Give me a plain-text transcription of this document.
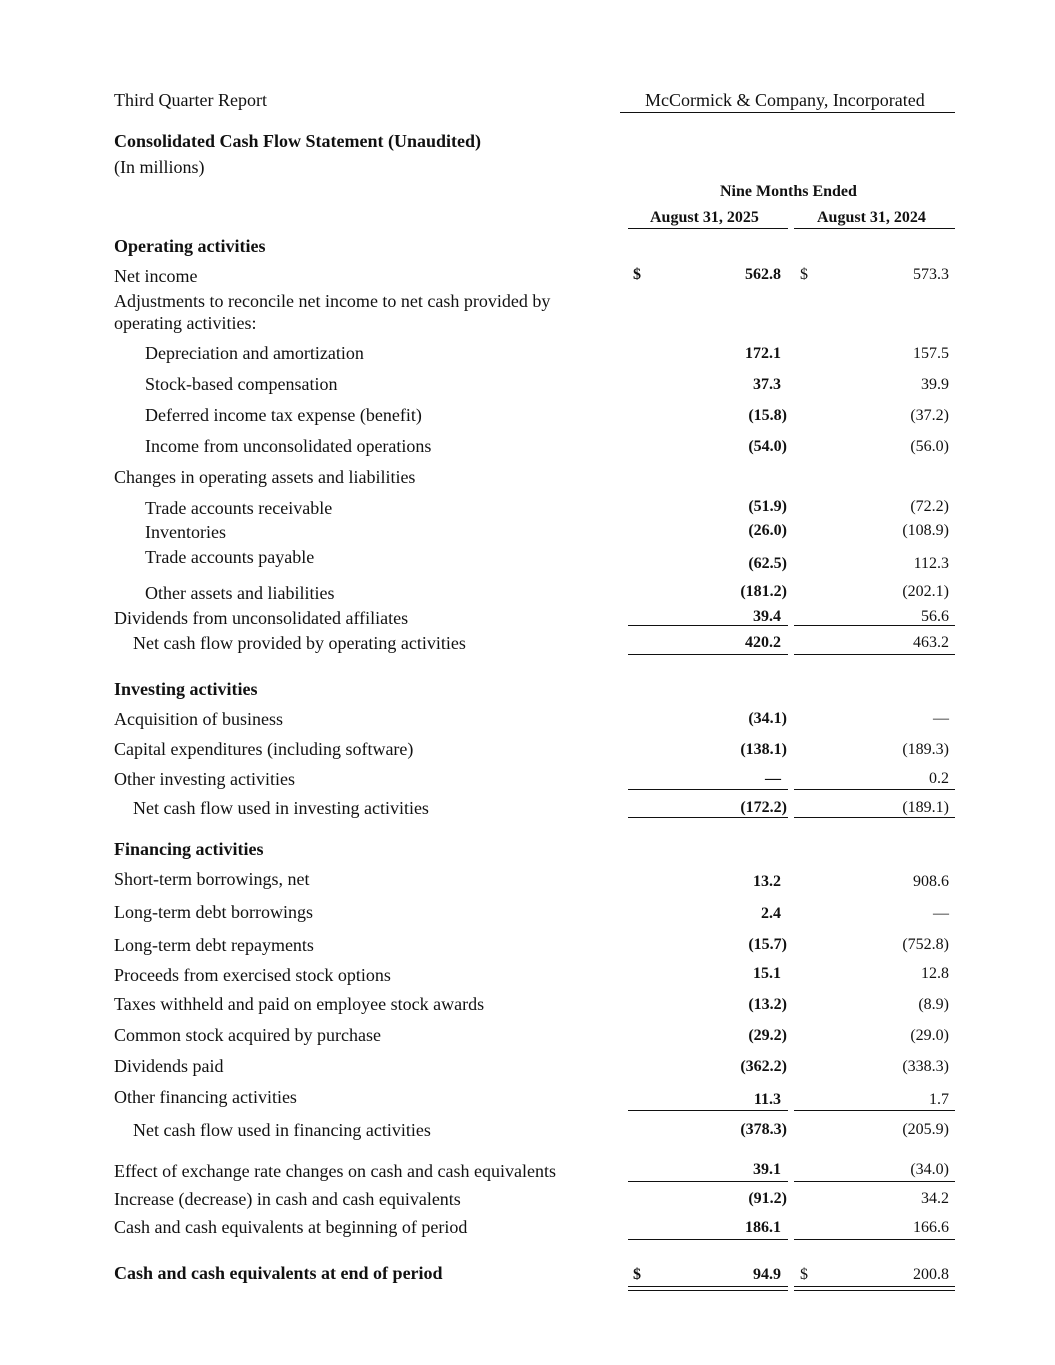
Third Quarter Report	McCormick & Company, Incorporated
Consolidated Cash Flow Statement (Unaudited)
(In millions)
Nine Months Ended
August 31, 2025	August 31, 2024
Operating activities
Net income	$	562.8 $	573.3
Adjustments to reconcile net income to net cash provided by
operating activities:
Depreciation and amortization	172.1	157.5
Stock-based compensation	37.3	39.9
Deferred income tax expense (benefit)	(15.8)	(37.2)
Income from unconsolidated operations	(54.0)	(56.0)
Changes in operating assets and liabilities
Trade accounts receivable	(51.9)	(72.2)
Inventories	(26.0)	(108.9)
Trade accounts payable	(62.5)	112.3
Other assets and liabilities	(181.2)	(202.1)
Dividends from unconsolidated affiliates	39.4	56.6
Net cash flow provided by operating activities	420.2	463.2
Investing activities
Acquisition of business	(34.1)	—
Capital expenditures (including software)	(138.1)	(189.3)
Other investing activities	—	0.2
Net cash flow used in investing activities	(172.2)	(189.1)
Financing activities
Short-term borrowings, net	13.2	908.6
Long-term debt borrowings	2.4	—
Long-term debt repayments	(15.7)	(752.8)
Proceeds from exercised stock options	15.1	12.8
Taxes withheld and paid on employee stock awards	(13.2)	(8.9)
Common stock acquired by purchase	(29.2)	(29.0)
Dividends paid	(362.2)	(338.3)
Other financing activities	11.3	1.7
Net cash flow used in financing activities	(378.3)	(205.9)
Effect of exchange rate changes on cash and cash equivalents	39.1	(34.0)
Increase (decrease) in cash and cash equivalents	(91.2)	34.2
Cash and cash equivalents at beginning of period	186.1	166.6
Cash and cash equivalents at end of period	$	94.9 $	200.8
